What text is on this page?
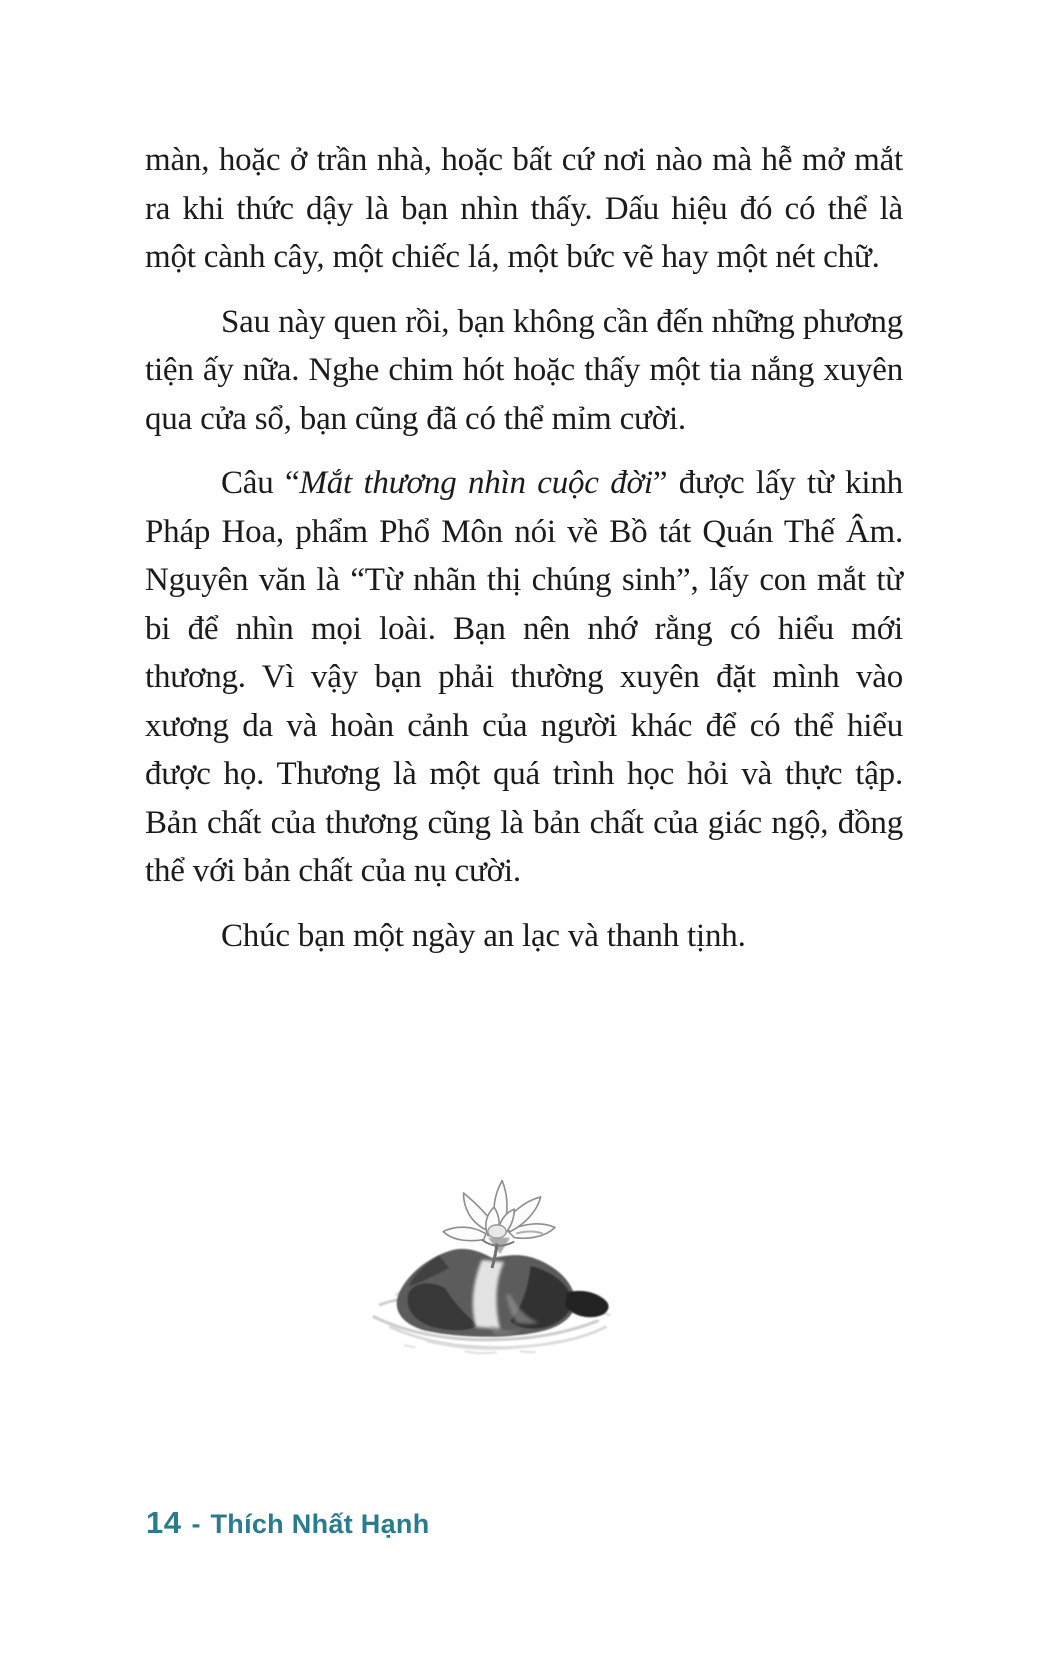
màn, hoặc ở trần nhà, hoặc bất cứ nơi nào mà hễ mở mắt ra khi thức dậy là bạn nhìn thấy. Dấu hiệu đó có thể là một cành cây, một chiếc lá, một bức vẽ hay một nét chữ.

Sau này quen rồi, bạn không cần đến những phương tiện ấy nữa. Nghe chim hót hoặc thấy một tia nắng xuyên qua cửa sổ, bạn cũng đã có thể mỉm cười.

Câu “Mắt thương nhìn cuộc đời” được lấy từ kinh Pháp Hoa, phẩm Phổ Môn nói về Bồ tát Quán Thế Âm. Nguyên văn là “Từ nhãn thị chúng sinh”, lấy con mắt từ bi để nhìn mọi loài. Bạn nên nhớ rằng có hiểu mới thương. Vì vậy bạn phải thường xuyên đặt mình vào xương da và hoàn cảnh của người khác để có thể hiểu được họ. Thương là một quá trình học hỏi và thực tập. Bản chất của thương cũng là bản chất của giác ngộ, đồng thể với bản chất của nụ cười.

Chúc bạn một ngày an lạc và thanh tịnh.

14 - Thích Nhất Hạnh
